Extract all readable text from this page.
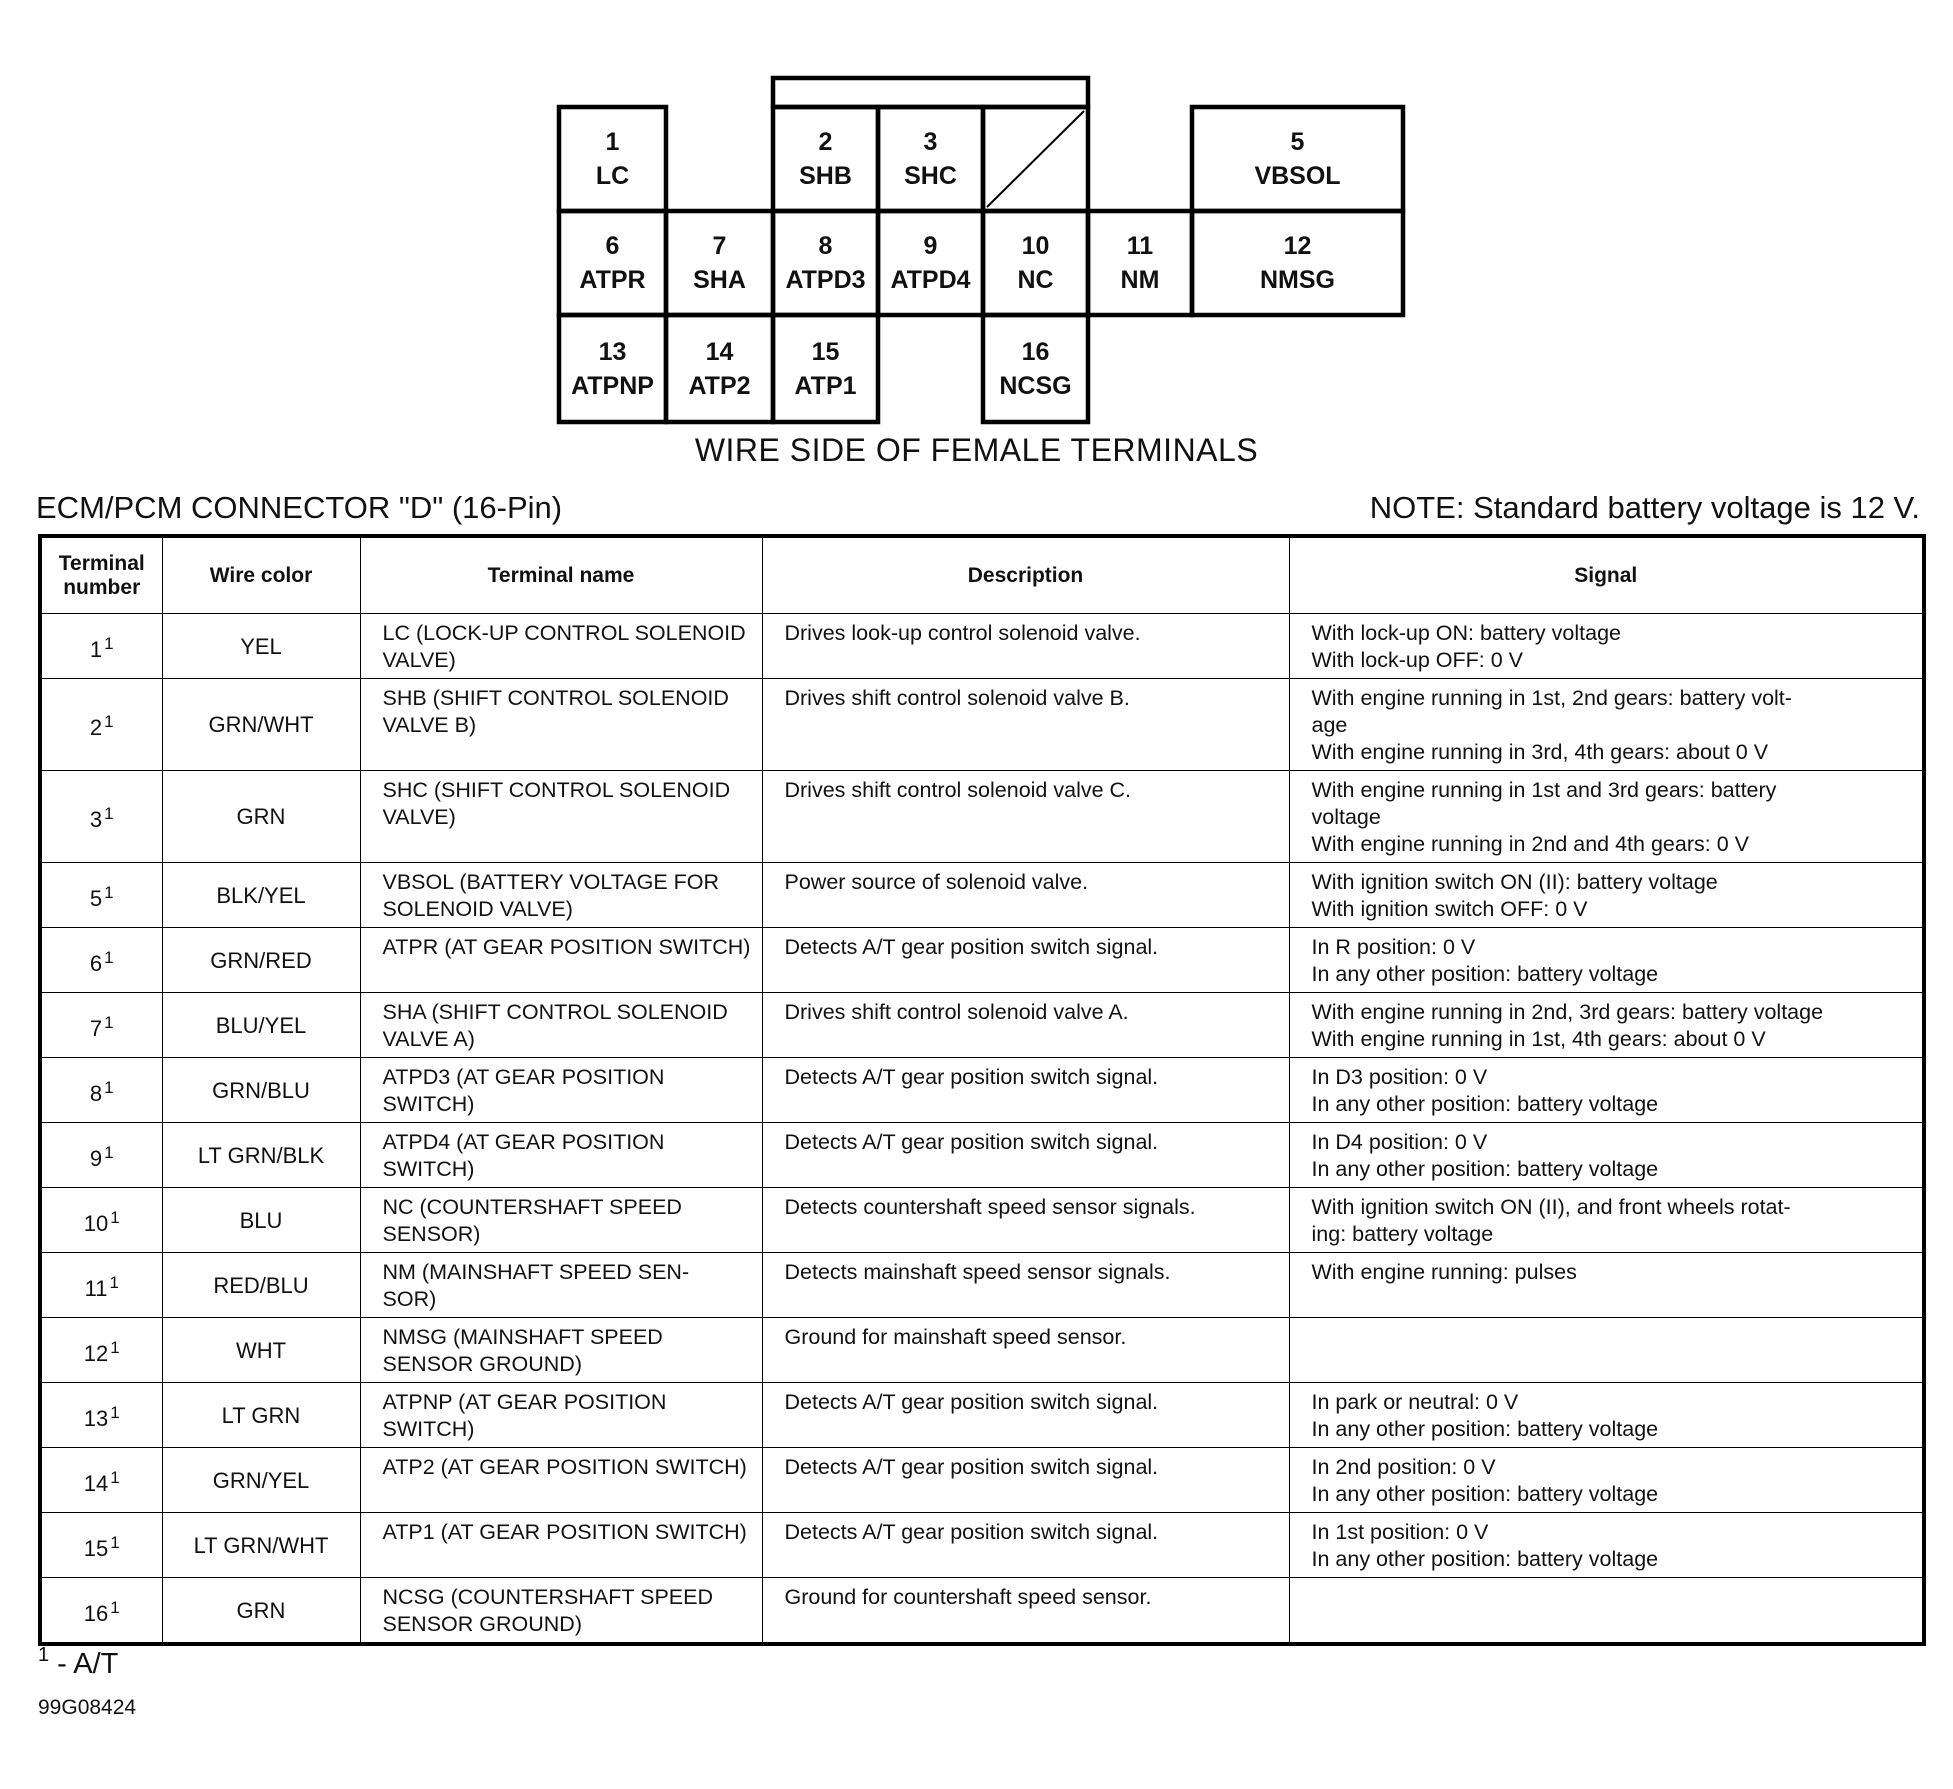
1
LC
2
SHB
3
SHC
5
VBSOL
6
ATPR
7
SHA
8
ATPD3
9
ATPD4
10
NC
11
NM
12
NMSG
13
ATPNP
14
ATP2
15
ATP1
16
NCSG
WIRE SIDE OF FEMALE TERMINALS
ECM/PCM CONNECTOR "D" (16-Pin)	NOTE: Standard battery voltage is 12 V.
Terminal
number	Wire color	Terminal name	Description	Signal
1 $^1$	YEL	LC (LOCK-UP CONTROL SOLENOID VALVE)	Drives look-up control solenoid valve.	With lock-up ON: battery voltage
With lock-up OFF: 0 V
2 $^1$	GRN/WHT	SHB (SHIFT CONTROL SOLENOID VALVE B)	Drives shift control solenoid valve B.	With engine running in 1st, 2nd gears: battery volt-
age
With engine running in 3rd, 4th gears: about 0 V
3 $^1$	GRN	SHC (SHIFT CONTROL SOLENOID VALVE)	Drives shift control solenoid valve C.	With engine running in 1st and 3rd gears: battery
voltage
With engine running in 2nd and 4th gears: 0 V
5 $^1$	BLK/YEL	VBSOL (BATTERY VOLTAGE FOR SOLENOID VALVE)	Power source of solenoid valve.	With ignition switch ON (II): battery voltage
With ignition switch OFF: 0 V
6 $^1$	GRN/RED	ATPR (AT GEAR POSITION SWITCH)	Detects A/T gear position switch signal.	In R position: 0 V
In any other position: battery voltage
7 $^1$	BLU/YEL	SHA (SHIFT CONTROL SOLENOID VALVE A)	Drives shift control solenoid valve A.	With engine running in 2nd, 3rd gears: battery voltage
With engine running in 1st, 4th gears: about 0 V
8 $^1$	GRN/BLU	ATPD3 (AT GEAR POSITION SWITCH)	Detects A/T gear position switch signal.	In D3 position: 0 V
In any other position: battery voltage
9 $^1$	LT GRN/BLK	ATPD4 (AT GEAR POSITION SWITCH)	Detects A/T gear position switch signal.	In D4 position: 0 V
In any other position: battery voltage
10 $^1$	BLU	NC (COUNTERSHAFT SPEED SENSOR)	Detects countershaft speed sensor signals.	With ignition switch ON (II), and front wheels rotat-
ing: battery voltage
11 $^1$	RED/BLU	NM (MAINSHAFT SPEED SEN-
SOR)	Detects mainshaft speed sensor signals.	With engine running: pulses
12 $^1$	WHT	NMSG (MAINSHAFT SPEED SENSOR GROUND)	Ground for mainshaft speed sensor.	
13 $^1$	LT GRN	ATPNP (AT GEAR POSITION SWITCH)	Detects A/T gear position switch signal.	In park or neutral: 0 V
In any other position: battery voltage
14 $^1$	GRN/YEL	ATP2 (AT GEAR POSITION SWITCH)	Detects A/T gear position switch signal.	In 2nd position: 0 V
In any other position: battery voltage
15 $^1$	LT GRN/WHT	ATP1 (AT GEAR POSITION SWITCH)	Detects A/T gear position switch signal.	In 1st position: 0 V
In any other position: battery voltage
16 $^1$	GRN	NCSG (COUNTERSHAFT SPEED SENSOR GROUND)	Ground for countershaft speed sensor.	
$^1$ - A/T
99G08424
